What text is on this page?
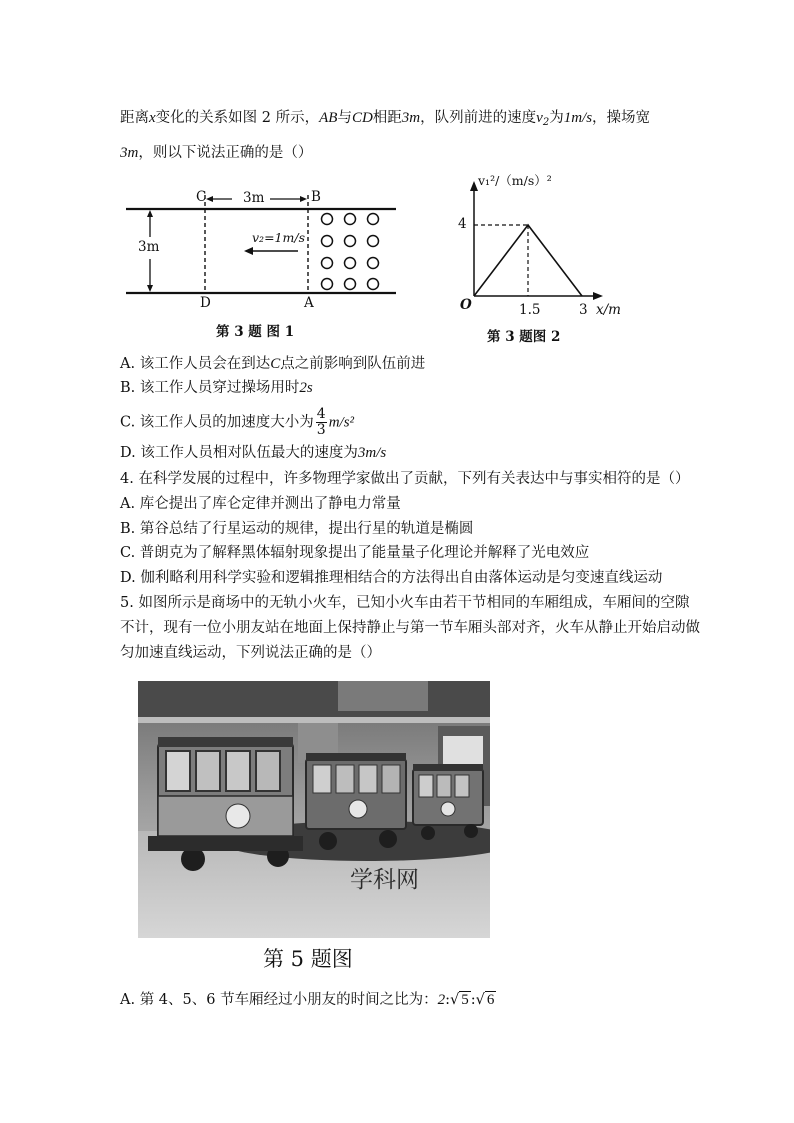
距离x变化的关系如图 2 所示，AB与CD相距3m，队列前进的速度$v_2$为1m/s，操场宽
3m，则以下说法正确的是（）
C	B
3m
3m
v₂=1m/s
D	A
第 3 题 图 1
v₁²/（m/s）²
4
O	1.5	3 x/m
第 3 题图 2
A. 该工作人员会在到达C点之前影响到队伍前进
B. 该工作人员穿过操场用时2s
C. 该工作人员的加速度大小为 $\frac{4}{3} m/s^2$
D. 该工作人员相对队伍最大的速度为3m/s
4. 在科学发展的过程中，许多物理学家做出了贡献，下列有关表达中与事实相符的是（）
A. 库仑提出了库仑定律并测出了静电力常量
B. 第谷总结了行星运动的规律，提出行星的轨道是椭圆
C. 普朗克为了解释黑体辐射现象提出了能量量子化理论并解释了光电效应
D. 伽利略利用科学实验和逻辑推理相结合的方法得出自由落体运动是匀变速直线运动
5. 如图所示是商场中的无轨小火车，已知小火车由若干节相同的车厢组成，车厢间的空隙
不计，现有一位小朋友站在地面上保持静止与第一节车厢头部对齐，火车从静止开始启动做
匀加速直线运动，下列说法正确的是（）
学科网
第 5 题图
A. 第 4、5、6 节车厢经过小朋友的时间之比为：2:√ 5 :√ 6
